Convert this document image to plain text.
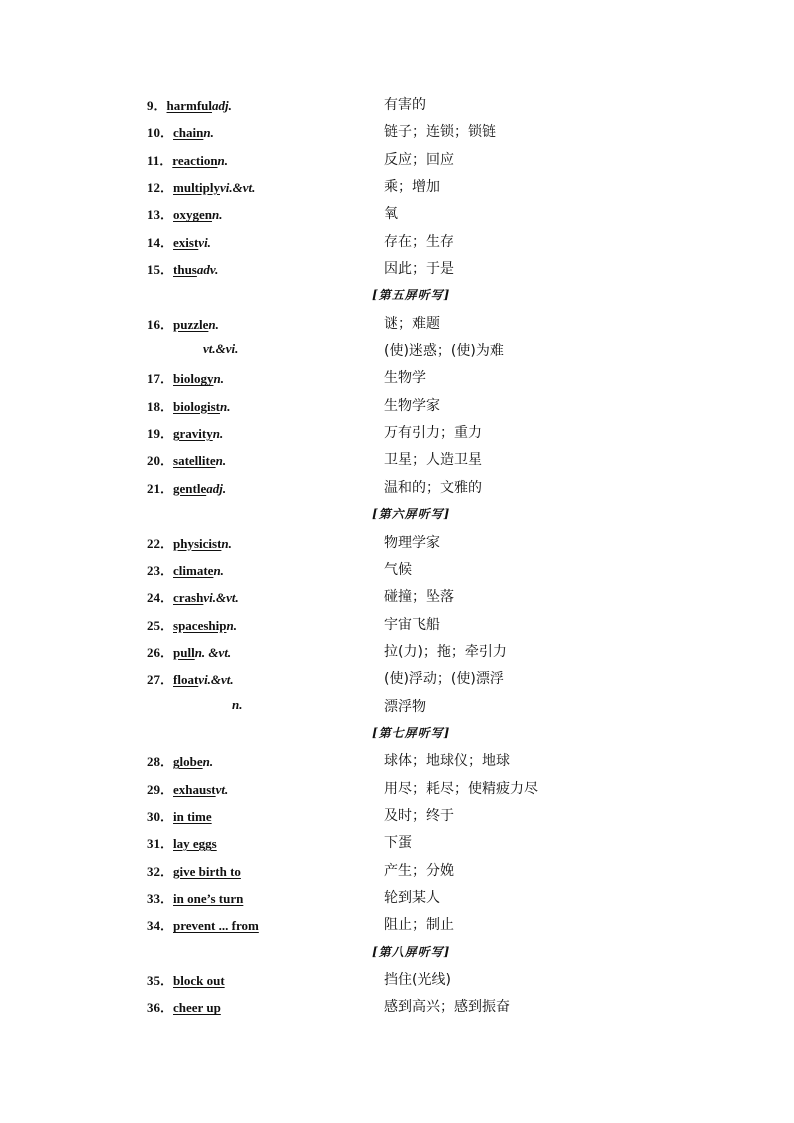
9．harmfuladj.	有害的
10．chainn.	链子；连锁；锁链
11．reactionn.	反应；回应
12．multiplyvi.&vt.	乘；增加
13．oxygenn.	氧
14．existvi.	存在；生存
15．thusadv.	因此；于是
[第五屏听写]
16．puzzlen.	谜；难题
vt.&vi.	(使)迷惑；(使)为难
17．biologyn.	生物学
18．biologistn.	生物学家
19．gravityn.	万有引力；重力
20．satelliten.	卫星；人造卫星
21．gentleadj.	温和的；文雅的
[第六屏听写]
22．physicistn.	物理学家
23．climaten.	气候
24．crashvi.&vt.	碰撞；坠落
25．spaceshipn.	宇宙飞船
26．pulln. &vt.	拉(力)；拖；牵引力
27．floatvi.&vt.	(使)浮动；(使)漂浮
n.	漂浮物
[第七屏听写]
28．globen.	球体；地球仪；地球
29．exhaustvt.	用尽；耗尽；使精疲力尽
30．in time	及时；终于
31．lay eggs	下蛋
32．give birth to	产生；分娩
33．in one’s turn	轮到某人
34．prevent ... from	阻止；制止
[第八屏听写]
35．block out	挡住(光线)
36．cheer up	感到高兴；感到振奋
